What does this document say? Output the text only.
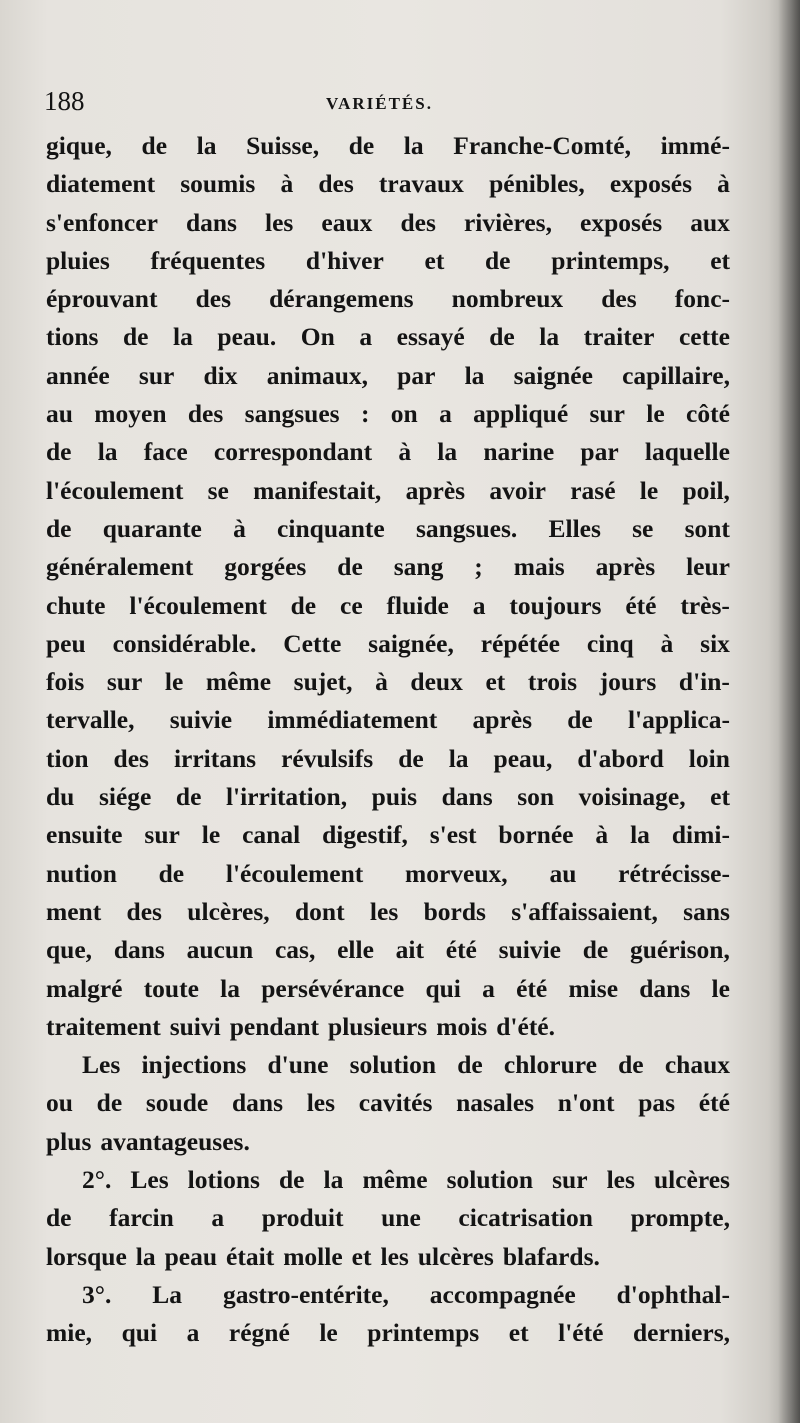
188	VARIÉTÉS.
gique, de la Suisse, de la Franche-Comté, immé-
diatement soumis à des travaux pénibles, exposés à
s'enfoncer dans les eaux des rivières, exposés aux
pluies fréquentes d'hiver et de printemps, et
éprouvant des dérangemens nombreux des fonc-
tions de la peau. On a essayé de la traiter cette
année sur dix animaux, par la saignée capillaire,
au moyen des sangsues : on a appliqué sur le côté
de la face correspondant à la narine par laquelle
l'écoulement se manifestait, après avoir rasé le poil,
de quarante à cinquante sangsues. Elles se sont
généralement gorgées de sang ; mais après leur
chute l'écoulement de ce fluide a toujours été très-
peu considérable. Cette saignée, répétée cinq à six
fois sur le même sujet, à deux et trois jours d'in-
tervalle, suivie immédiatement après de l'applica-
tion des irritans révulsifs de la peau, d'abord loin
du siége de l'irritation, puis dans son voisinage, et
ensuite sur le canal digestif, s'est bornée à la dimi-
nution de l'écoulement morveux, au rétrécisse-
ment des ulcères, dont les bords s'affaissaient, sans
que, dans aucun cas, elle ait été suivie de guérison,
malgré toute la persévérance qui a été mise dans le
traitement suivi pendant plusieurs mois d'été.
Les injections d'une solution de chlorure de chaux
ou de soude dans les cavités nasales n'ont pas été
plus avantageuses.
2°. Les lotions de la même solution sur les ulcères
de farcin a produit une cicatrisation prompte,
lorsque la peau était molle et les ulcères blafards.
3°. La gastro-entérite, accompagnée d'ophthal-
mie, qui a régné le printemps et l'été derniers,
